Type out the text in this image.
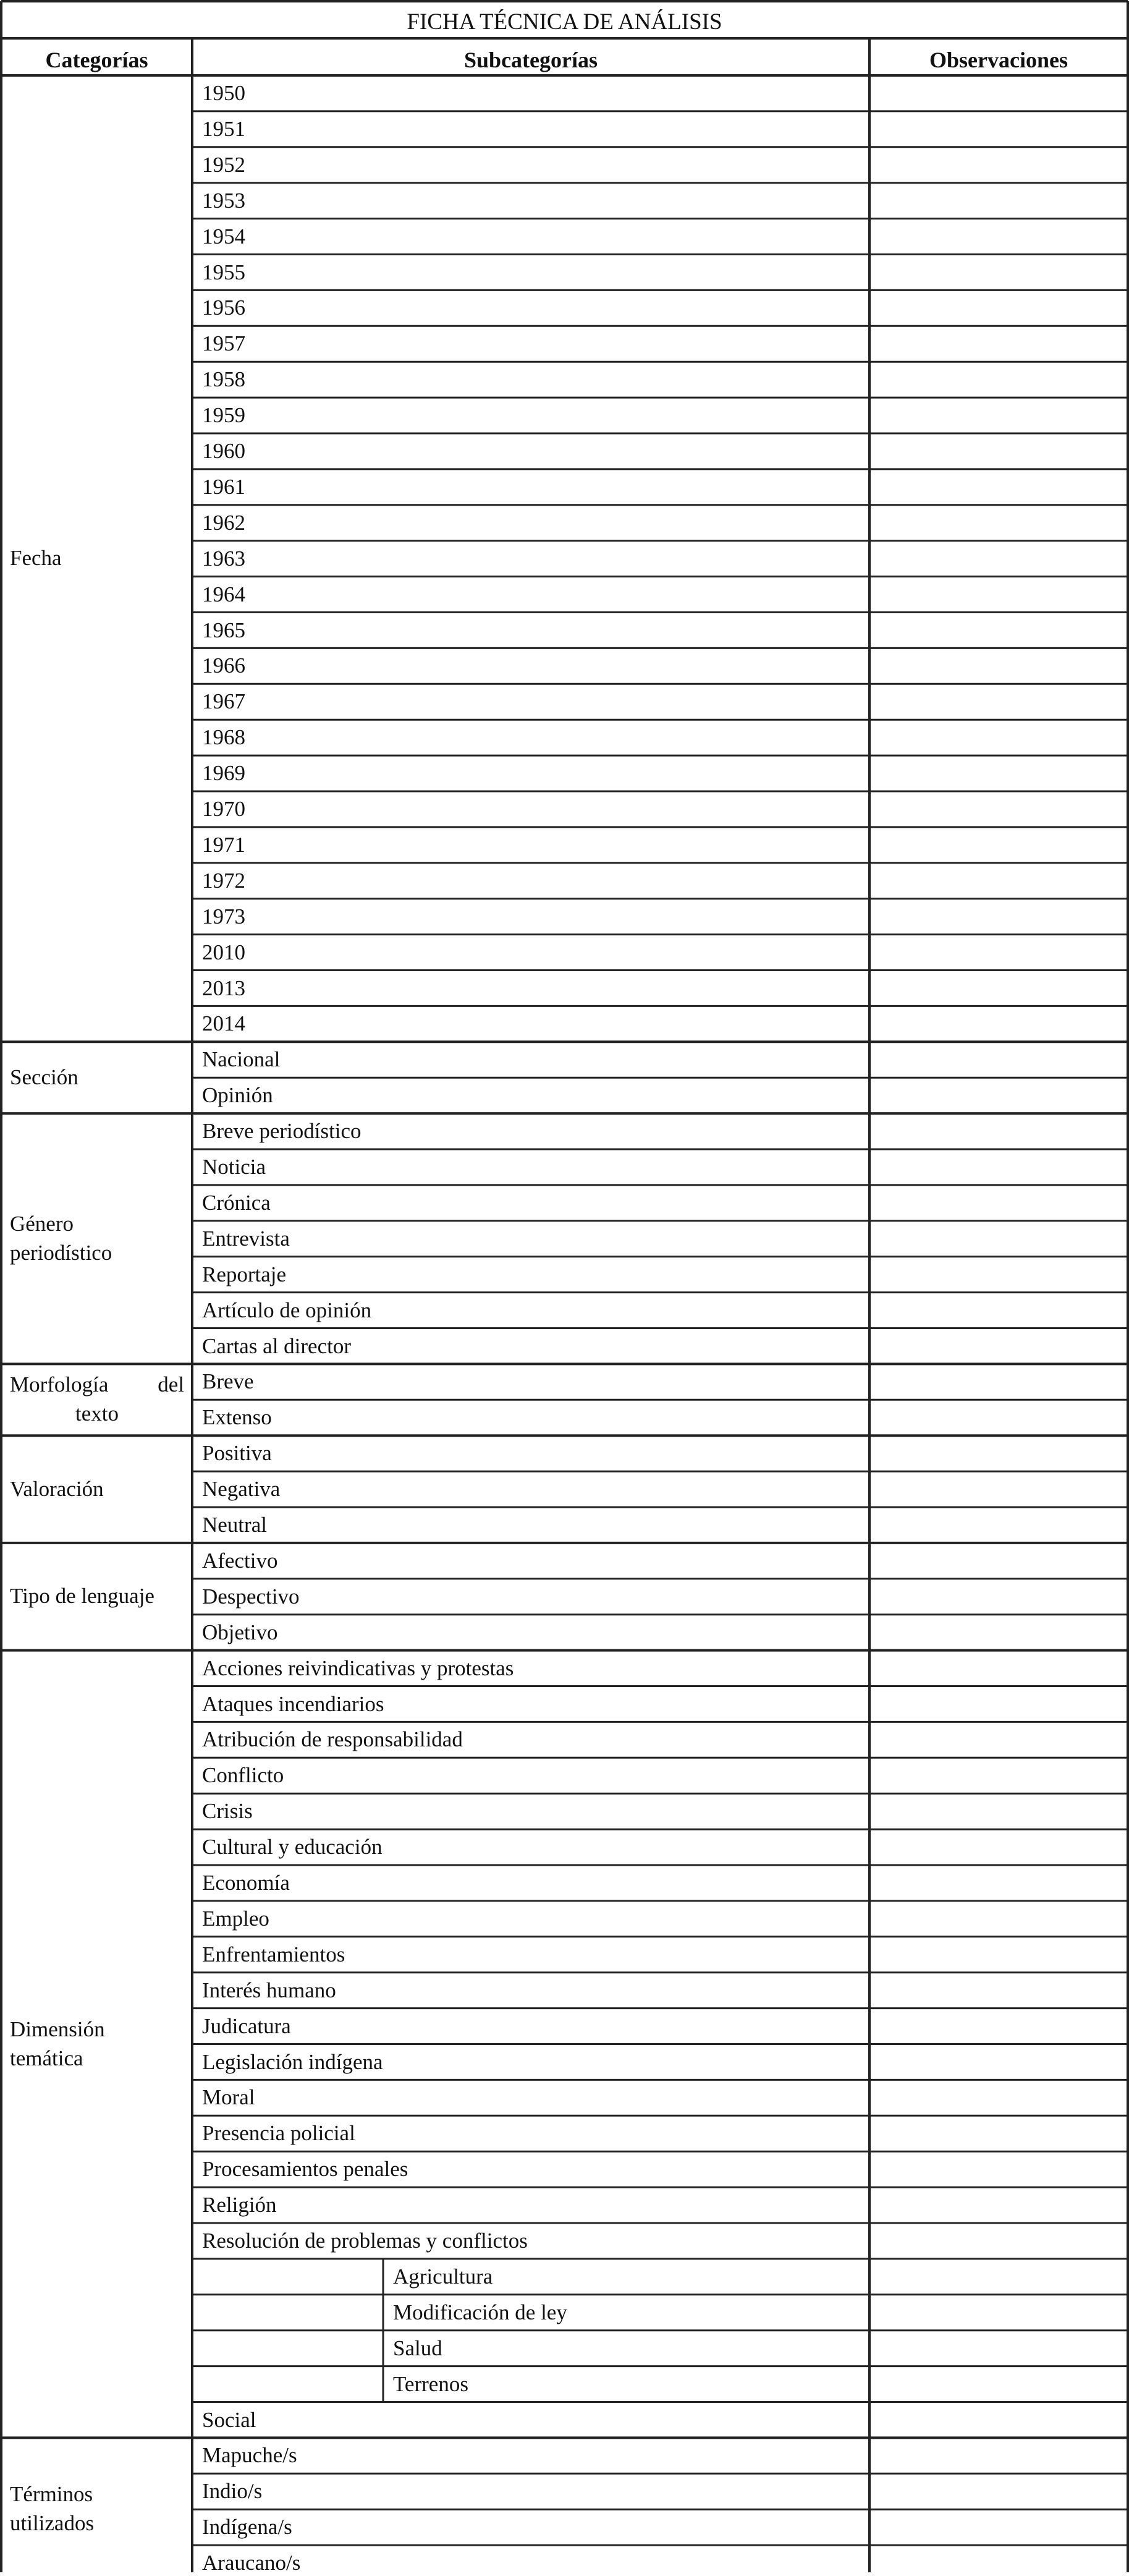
FICHA TÉCNICA DE ANÁLISIS
Categorías	Subcategorías	Observaciones
1950
1951
1952
1953
1954
1955
1956
1957
1958
1959
1960
1961
1962
1963
1964
1965
1966
1967
1968
1969
1970
1971
1972
1973
2010
2013
2014
Fecha
Nacional
Opinión
Sección
Breve periodístico
Noticia
Crónica
Entrevista
Reportaje
Artículo de opinión
Cartas al director
Género
periodístico
Breve
Extenso
Morfología del
texto
Positiva
Negativa
Neutral
Valoración
Afectivo
Despectivo
Objetivo
Tipo de lenguaje
Acciones reivindicativas y protestas
Ataques incendiarios
Atribución de responsabilidad
Conflicto
Crisis
Cultural y educación
Economía
Empleo
Enfrentamientos
Interés humano
Judicatura
Legislación indígena
Moral
Presencia policial
Procesamientos penales
Religión
Resolución de problemas y conflictos
Agricultura
Modificación de ley
Salud
Terrenos
Social
Dimensión
temática
Mapuche/s
Indio/s
Indígena/s
Araucano/s
Términos
utilizados
